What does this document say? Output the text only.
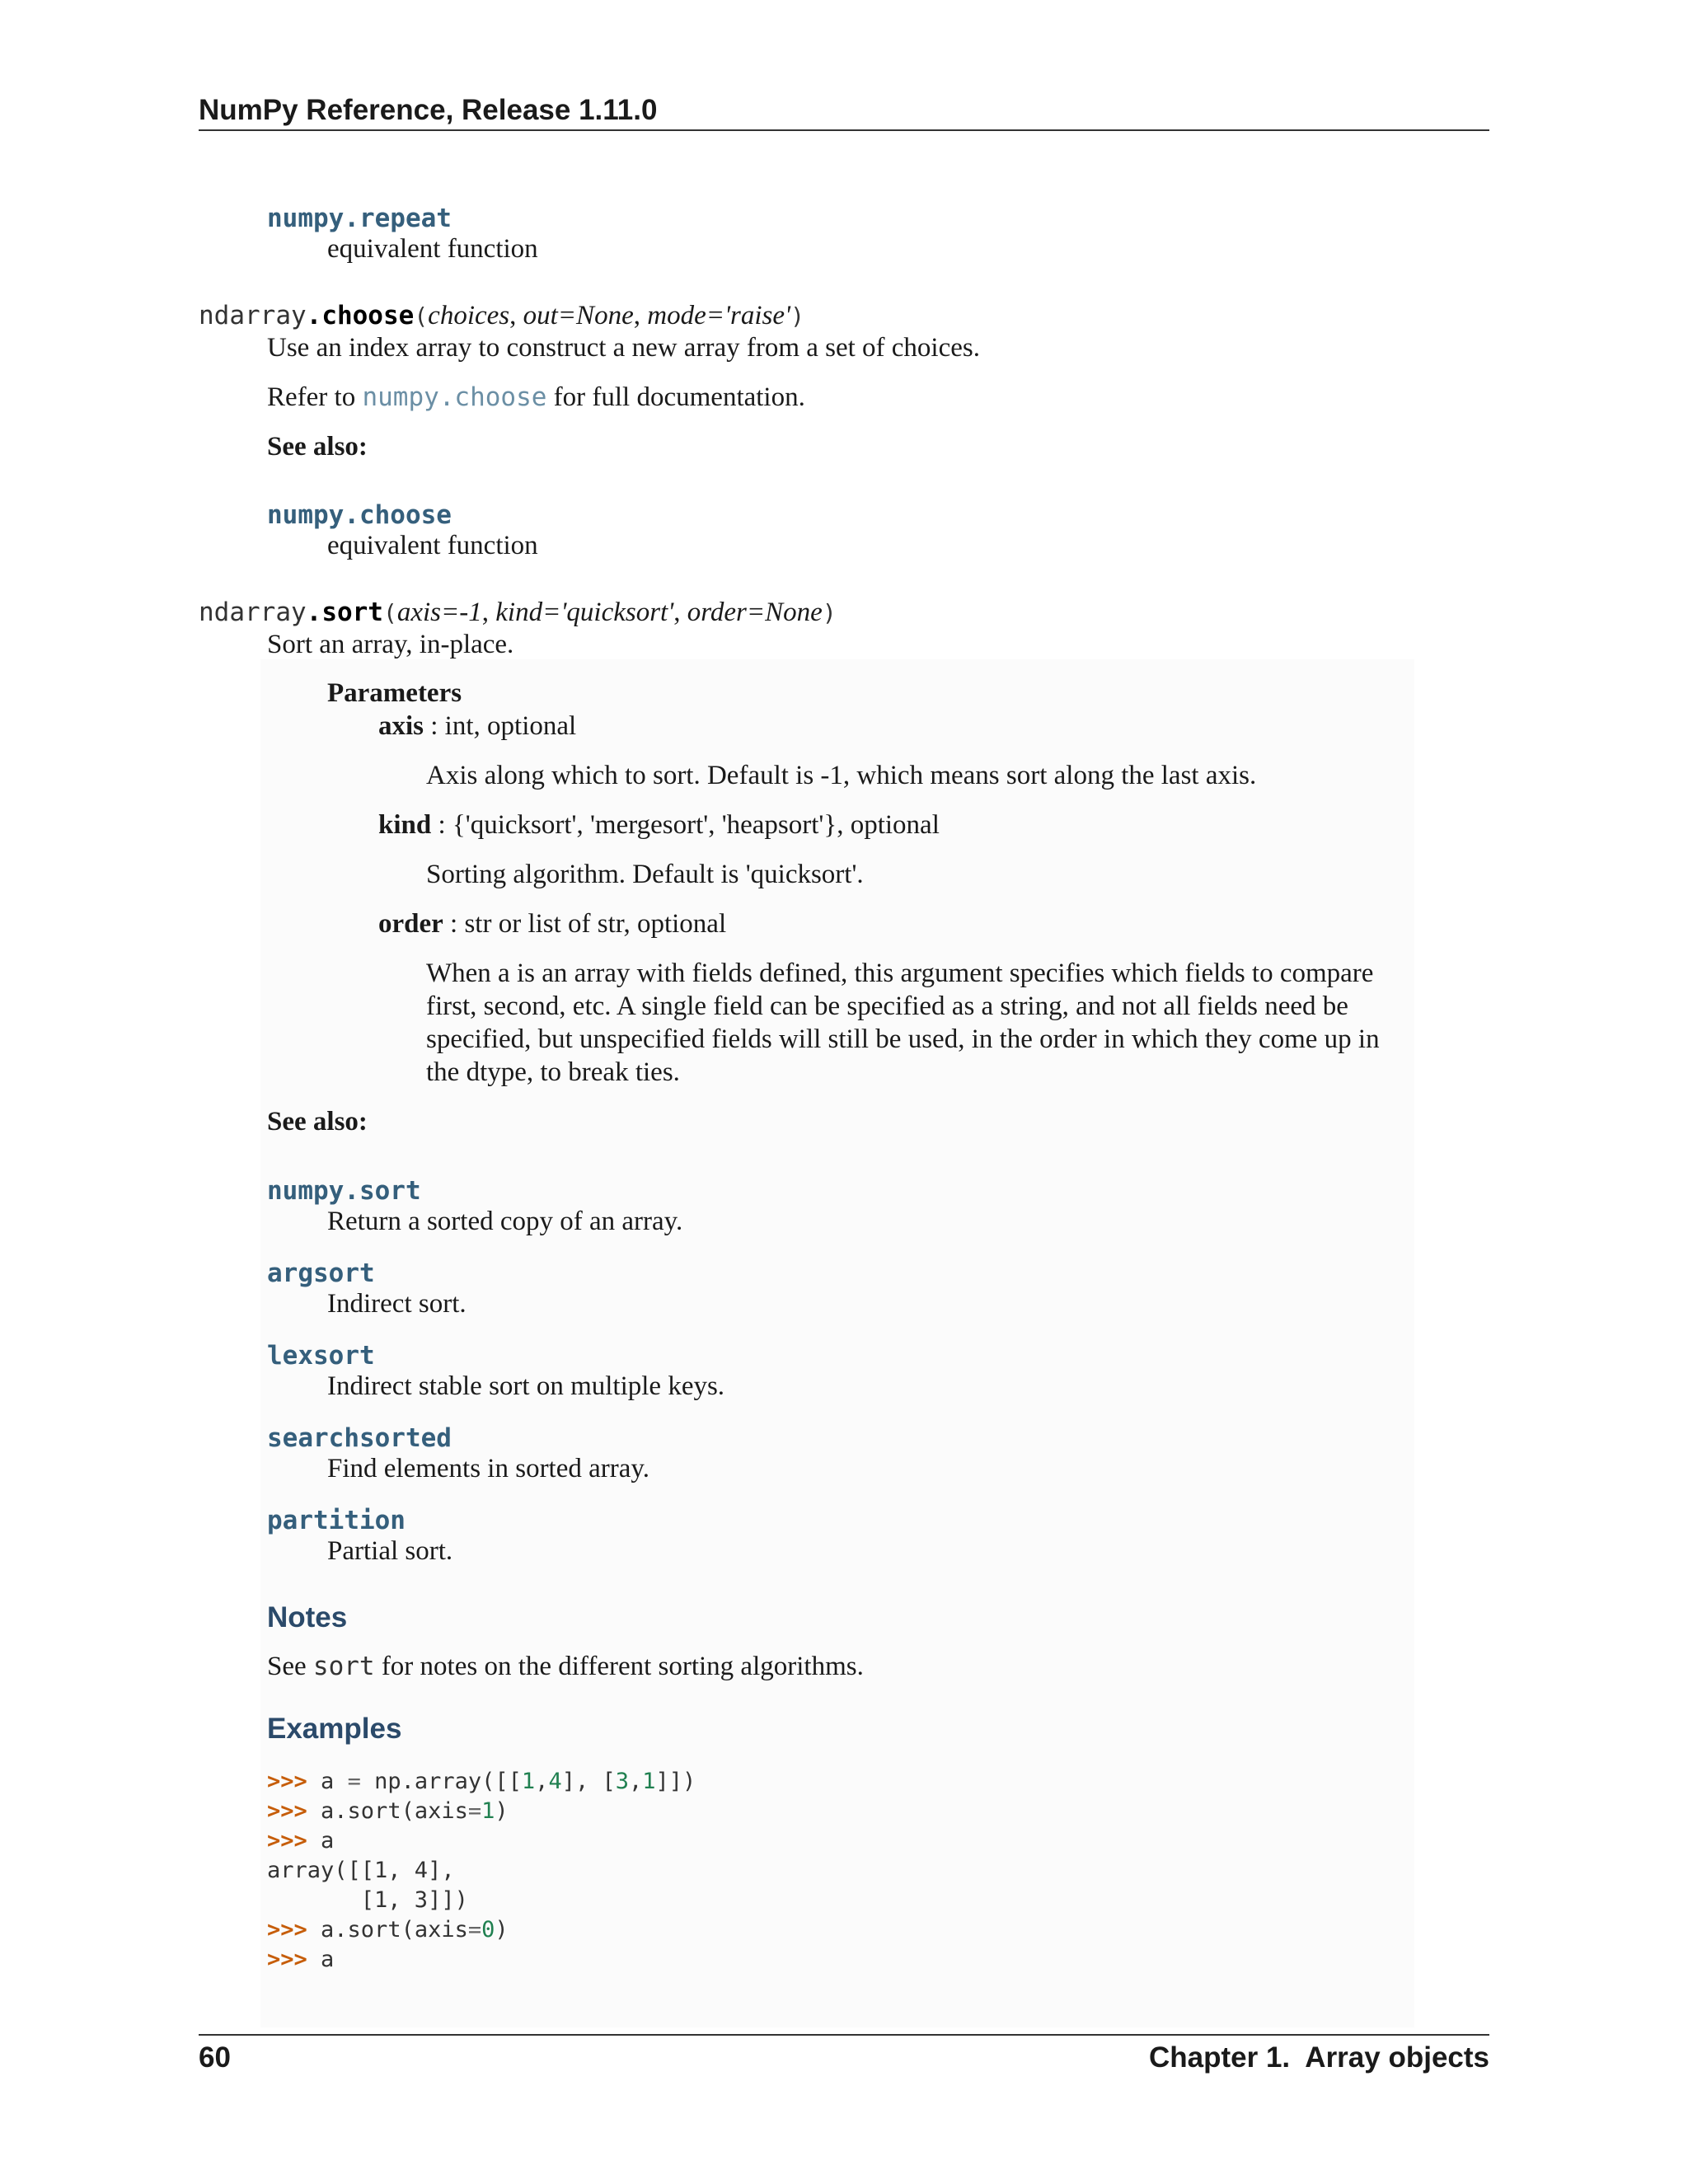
NumPy Reference, Release 1.11.0
numpy.repeat
equivalent function
ndarray.choose(choices, out=None, mode='raise')
Use an index array to construct a new array from a set of choices.
Refer to numpy.choose for full documentation.
See also:
numpy.choose
equivalent function
ndarray.sort(axis=-1, kind='quicksort', order=None)
Sort an array, in-place.
Parameters
axis : int, optional
Axis along which to sort. Default is -1, which means sort along the last axis.
kind : {'quicksort', 'mergesort', 'heapsort'}, optional
Sorting algorithm. Default is 'quicksort'.
order : str or list of str, optional
When a is an array with fields defined, this argument specifies which fields to compare
first, second, etc. A single field can be specified as a string, and not all fields need be
specified, but unspecified fields will still be used, in the order in which they come up in
the dtype, to break ties.
See also:
numpy.sort
Return a sorted copy of an array.
argsort
Indirect sort.
lexsort
Indirect stable sort on multiple keys.
searchsorted
Find elements in sorted array.
partition
Partial sort.
Notes
See sort for notes on the different sorting algorithms.
Examples
>>> a = np.array([[1,4], [3,1]])
>>> a.sort(axis=1)
>>> a
array([[1, 4],
[1, 3]])
>>> a.sort(axis=0)
>>> a
60	Chapter 1.  Array objects
